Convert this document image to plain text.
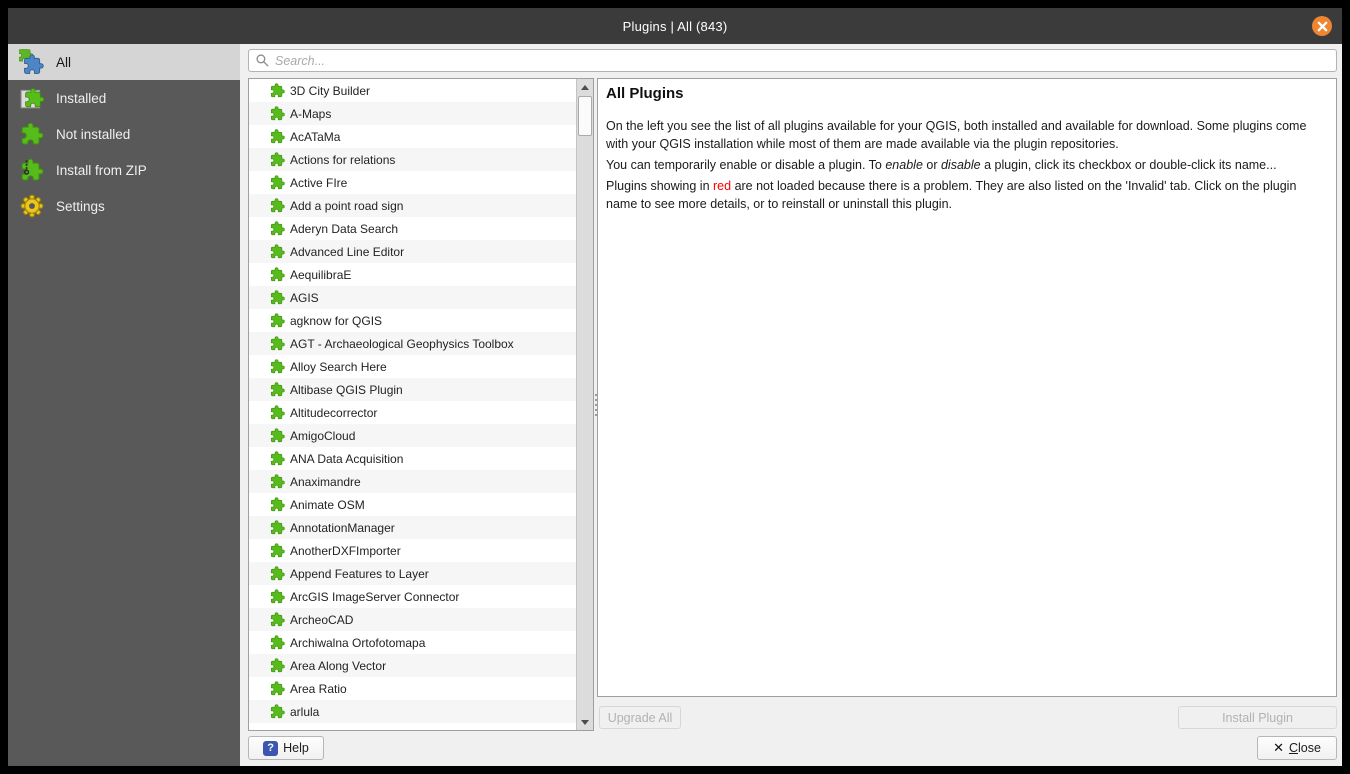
Plugins | All (843)
All
Installed
Not installed
Install from ZIP
Settings
Search...
3D City Builder
A-Maps
AcATaMa
Actions for relations
Active FIre
Add a point road sign
Aderyn Data Search
Advanced Line Editor
AequilibraE
AGIS
agknow for QGIS
AGT - Archaeological Geophysics Toolbox
Alloy Search Here
Altibase QGIS Plugin
Altitudecorrector
AmigoCloud
ANA Data Acquisition
Anaximandre
Animate OSM
AnnotationManager
AnotherDXFImporter
Append Features to Layer
ArcGIS ImageServer Connector
ArcheoCAD
Archiwalna Ortofotomapa
Area Along Vector
Area Ratio
arlula
All Plugins

On the left you see the list of all plugins available for your QGIS, both installed and available for download. Some plugins come with your QGIS installation while most of them are made available via the plugin repositories.

You can temporarily enable or disable a plugin. To enable or disable a plugin, click its checkbox or double-click its name...

Plugins showing in red are not loaded because there is a problem. They are also listed on the 'Invalid' tab. Click on the plugin name to see more details, or to reinstall or uninstall this plugin.

Upgrade All	Install Plugin
? Help	✕ Close
